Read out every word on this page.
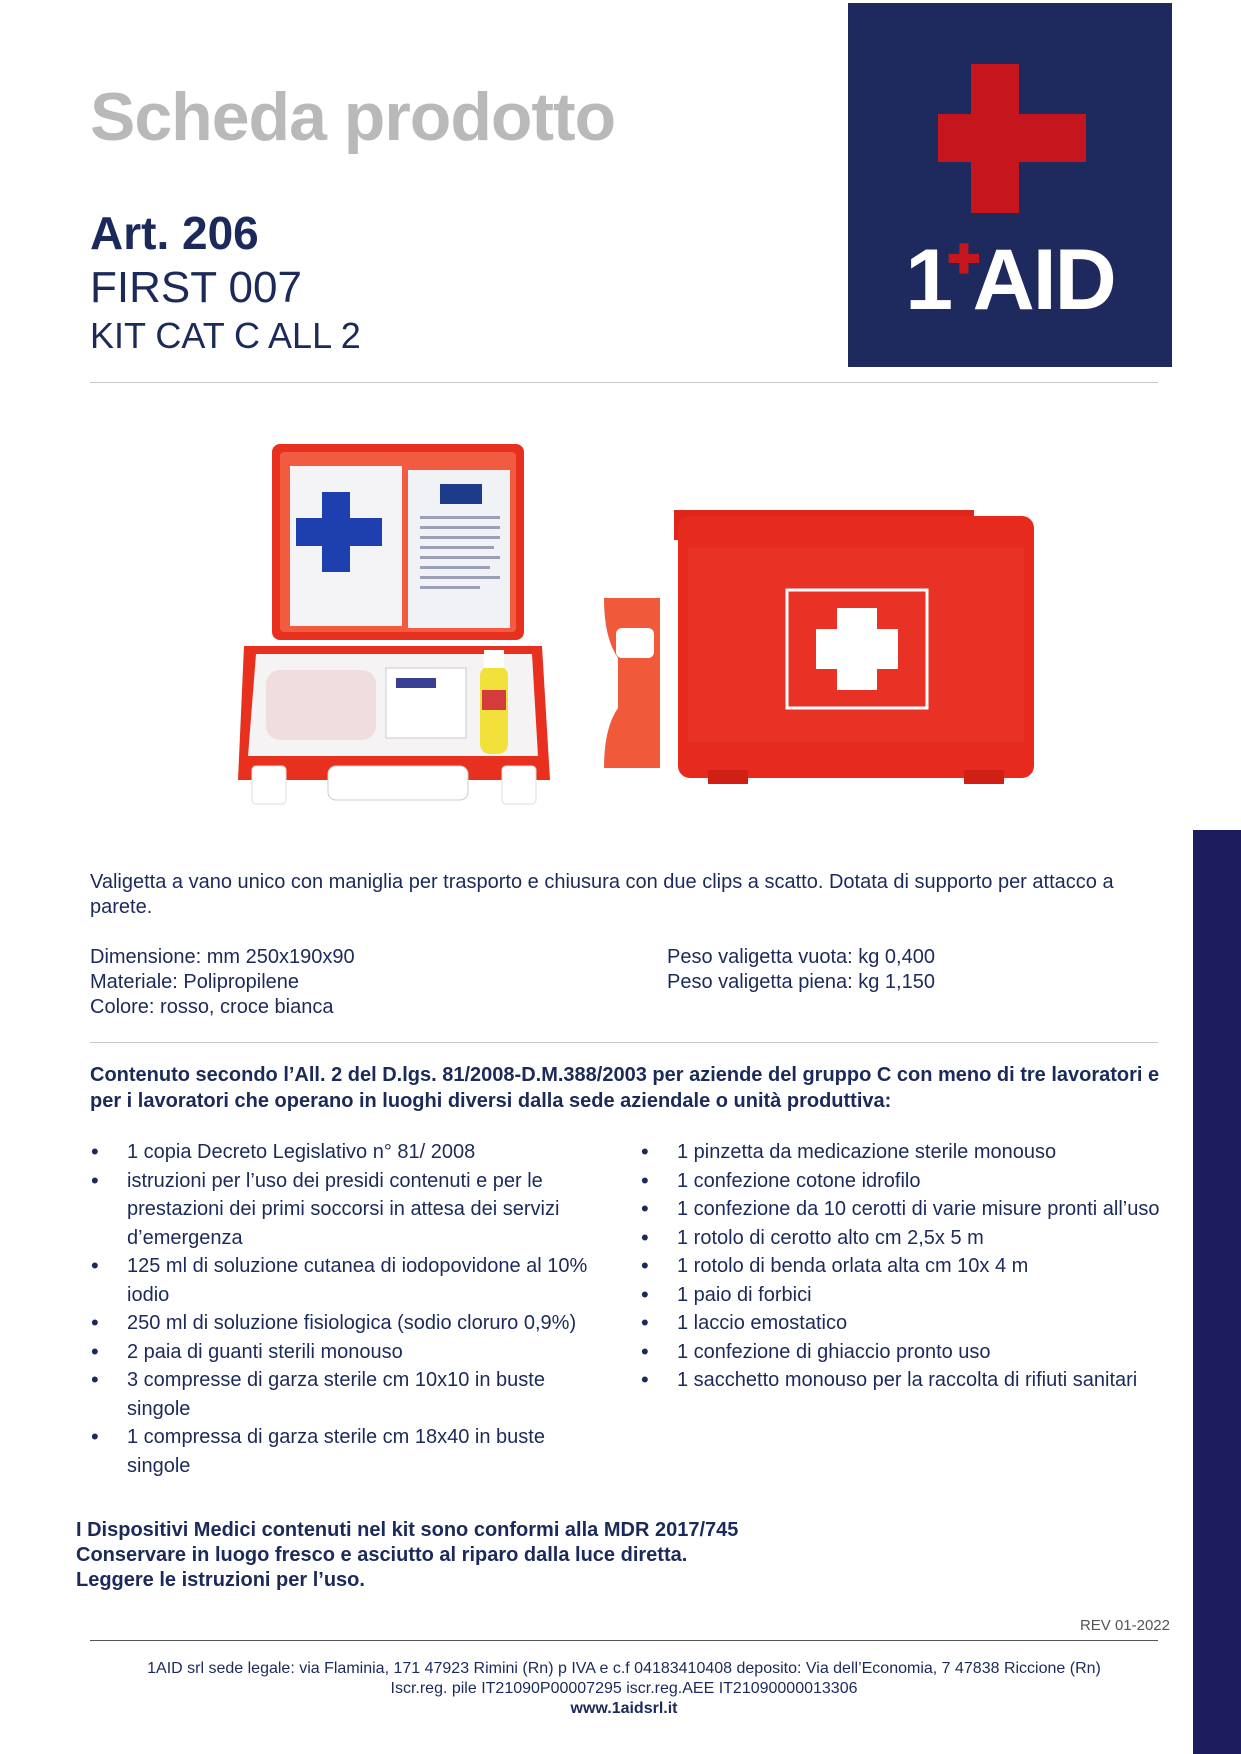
Scheda prodotto
Art. 206
FIRST 007
KIT CAT C ALL 2
1✚AID
Valigetta a vano unico con maniglia per trasporto e chiusura con due clips a scatto. Dotata di supporto per attacco a parete.
Dimensione: mm 250x190x90
Materiale: Polipropilene
Colore: rosso, croce bianca
Peso valigetta vuota: kg 0,400
Peso valigetta piena: kg 1,150
Contenuto secondo l’All. 2 del D.lgs. 81/2008-D.M.388/2003 per aziende del gruppo C con meno di tre lavoratori e per i lavoratori che operano in luoghi diversi dalla sede aziendale o unità produttiva:
• 1 copia Decreto Legislativo n° 81/ 2008
• istruzioni per l’uso dei presidi contenuti e per le prestazioni dei primi soccorsi in attesa dei servizi d’emergenza
• 125 ml di soluzione cutanea di iodopovidone al 10% iodio
• 250 ml di soluzione fisiologica (sodio cloruro 0,9%)
• 2 paia di guanti sterili monouso
• 3 compresse di garza sterile cm 10x10 in buste singole
• 1 compressa di garza sterile cm 18x40 in buste singole
• 1 pinzetta da medicazione sterile monouso
• 1 confezione cotone idrofilo
• 1 confezione da 10 cerotti di varie misure pronti all’uso
• 1 rotolo di cerotto alto cm 2,5x 5 m
• 1 rotolo di benda orlata alta cm 10x 4 m
• 1 paio di forbici
• 1 laccio emostatico
• 1 confezione di ghiaccio pronto uso
• 1 sacchetto monouso per la raccolta di rifiuti sanitari
I Dispositivi Medici contenuti nel kit sono conformi alla MDR 2017/745
Conservare in luogo fresco e asciutto al riparo dalla luce diretta.
Leggere le istruzioni per l’uso.
REV 01-2022
1AID srl sede legale: via Flaminia, 171 47923 Rimini (Rn) p IVA e c.f 04183410408 deposito: Via dell’Economia, 7 47838 Riccione (Rn)
Iscr.reg. pile IT21090P00007295 iscr.reg.AEE IT21090000013306
www.1aidsrl.it
